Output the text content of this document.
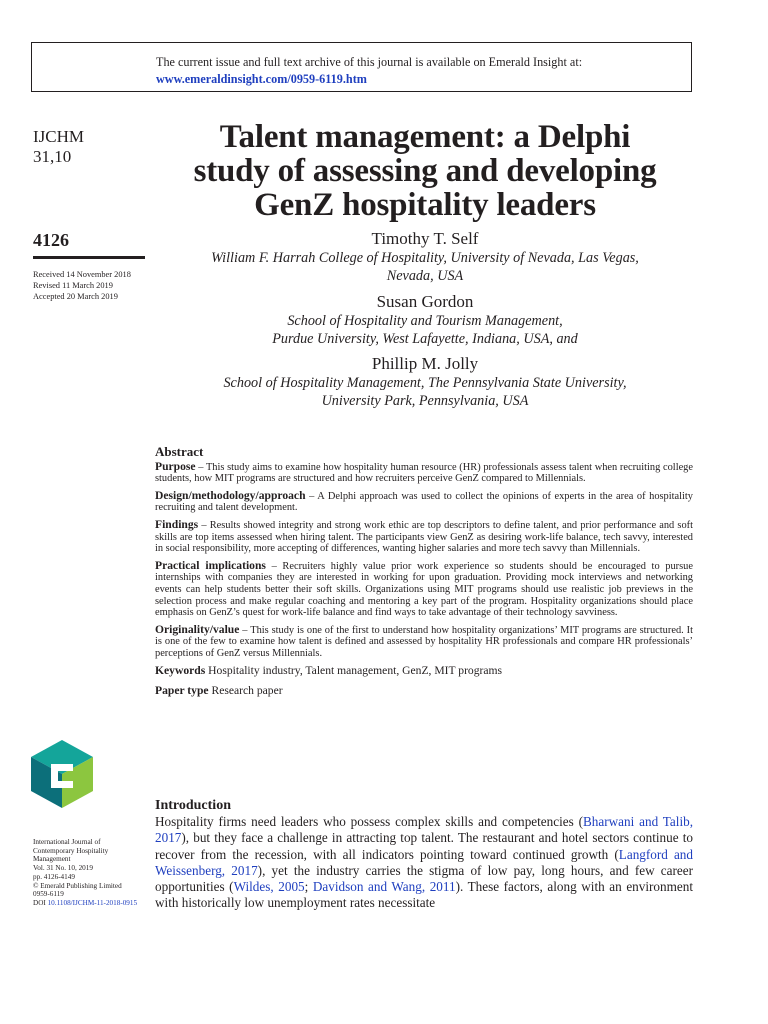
The current issue and full text archive of this journal is available on Emerald Insight at:
www.emeraldinsight.com/0959-6119.htm
IJCHM
31,10
4126
Received 14 November 2018
Revised 11 March 2019
Accepted 20 March 2019
Talent management: a Delphi
study of assessing and developing
GenZ hospitality leaders
Timothy T. Self
William F. Harrah College of Hospitality, University of Nevada, Las Vegas,
Nevada, USA
Susan Gordon
School of Hospitality and Tourism Management,
Purdue University, West Lafayette, Indiana, USA, and
Phillip M. Jolly
School of Hospitality Management, The Pennsylvania State University,
University Park, Pennsylvania, USA
Abstract
Purpose – This study aims to examine how hospitality human resource (HR) professionals assess talent when recruiting college students, how MIT programs are structured and how recruiters perceive GenZ compared to Millennials.
Design/methodology/approach – A Delphi approach was used to collect the opinions of experts in the area of hospitality recruiting and talent development.
Findings – Results showed integrity and strong work ethic are top descriptors to define talent, and prior performance and soft skills are top items assessed when hiring talent. The participants view GenZ as desiring work-life balance, tech savvy, interested in social responsibility, more accepting of differences, wanting higher salaries and more tech savvy than Millennials.
Practical implications – Recruiters highly value prior work experience so students should be encouraged to pursue internships with companies they are interested in working for upon graduation. Providing mock interviews and networking events can help students better their soft skills. Organizations using MIT programs should use realistic job previews in the selection process and make regular coaching and mentoring a key part of the program. Hospitality organizations should place emphasis on GenZ’s quest for work-life balance and find ways to take advantage of their technology savviness.
Originality/value – This study is one of the first to understand how hospitality organizations’ MIT programs are structured. It is one of the few to examine how talent is defined and assessed by hospitality HR professionals and compare HR professionals’ perceptions of GenZ versus Millennials.
Keywords Hospitality industry, Talent management, GenZ, MIT programs
Paper type Research paper
Introduction
Hospitality firms need leaders who possess complex skills and competencies (Bharwani and Talib, 2017), but they face a challenge in attracting top talent. The restaurant and hotel sectors continue to recover from the recession, with all indicators pointing toward continued growth (Langford and Weissenberg, 2017), yet the industry carries the stigma of low pay, long hours, and few career opportunities (Wildes, 2005; Davidson and Wang, 2011). These factors, along with an environment with historically low unemployment rates necessitate
International Journal of
Contemporary Hospitality
Management
Vol. 31 No. 10, 2019
pp. 4126-4149
© Emerald Publishing Limited
0959-6119
DOI 10.1108/IJCHM-11-2018-0915
